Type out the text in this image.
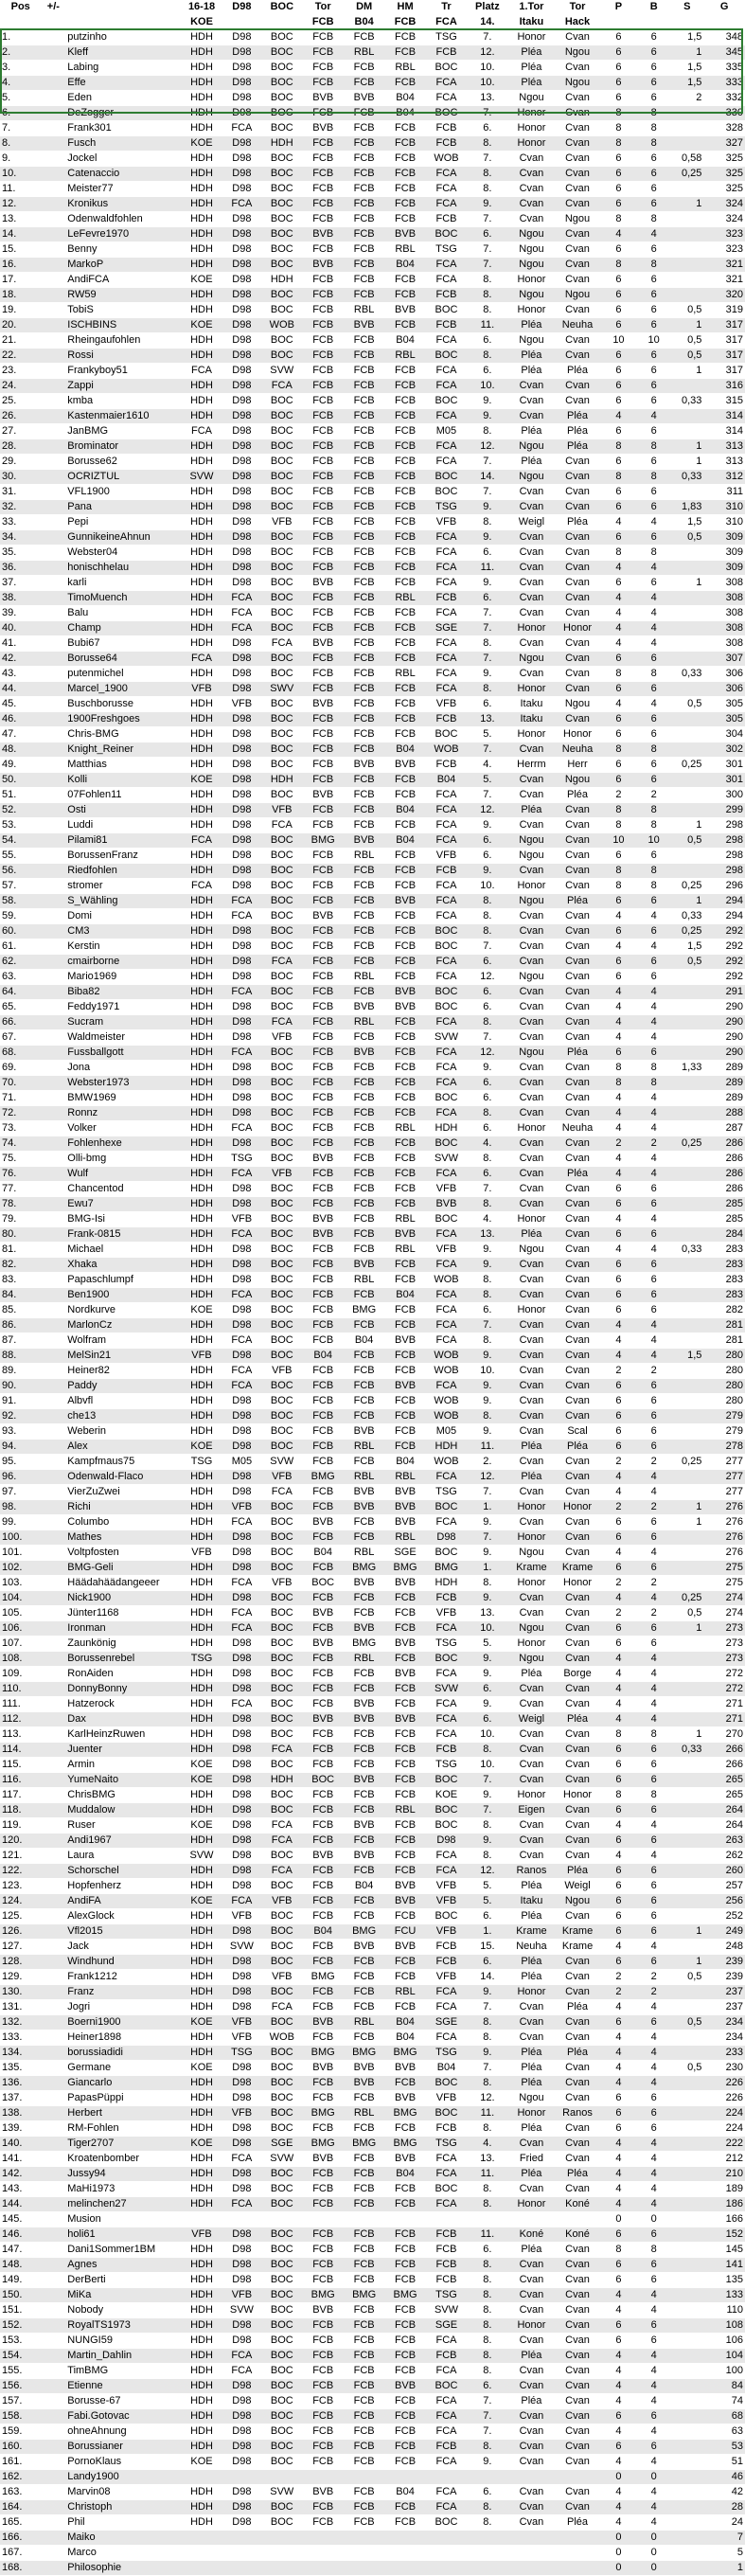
Pos	+/-		16-18	D98	BOC	Tor	DM	HM	Tr	Platz	1.Tor	Tor	P	B	S	G
			KOE			FCB	B04	FCB	FCA	14.	Itaku	Hack				
1.		putzinho	HDH	D98	BOC	FCB	FCB	FCB	TSG	7.	Honor	Cvan	6	6	1,5	348
2.		Kleff	HDH	D98	BOC	FCB	RBL	FCB	FCB	12.	Pléa	Ngou	6	6	1	345
3.		Labing	HDH	D98	BOC	FCB	FCB	RBL	BOC	10.	Pléa	Cvan	6	6	1,5	335
4.		Effe	HDH	D98	BOC	FCB	FCB	FCB	FCA	10.	Pléa	Ngou	6	6	1,5	333
5.		Eden	HDH	D98	BOC	BVB	BVB	B04	FCA	13.	Ngou	Cvan	6	6	2	332
6.		DeZogger	HDH	D98	BOC	FCB	FCB	B04	BOC	7.	Honor	Cvan	8	8		330
7.		Frank301	HDH	FCA	BOC	BVB	FCB	FCB	FCB	6.	Honor	Cvan	8	8		328
8.		Fusch	KOE	D98	HDH	FCB	FCB	FCB	FCB	8.	Honor	Cvan	8	8		327
9.		Jockel	HDH	D98	BOC	FCB	FCB	FCB	WOB	7.	Cvan	Cvan	6	6	0,58	325
10.		Catenaccio	HDH	D98	BOC	FCB	FCB	FCB	FCA	8.	Cvan	Cvan	6	6	0,25	325
11.		Meister77	HDH	D98	BOC	FCB	FCB	FCB	FCA	8.	Cvan	Cvan	6	6		325
12.		Kronikus	HDH	FCA	BOC	FCB	FCB	FCB	FCA	9.	Cvan	Cvan	6	6	1	324
13.		Odenwaldfohlen	HDH	D98	BOC	FCB	FCB	FCB	FCB	7.	Cvan	Ngou	8	8		324
14.		LeFevre1970	HDH	D98	BOC	BVB	FCB	BVB	BOC	6.	Ngou	Cvan	4	4		323
15.		Benny	HDH	D98	BOC	FCB	FCB	RBL	TSG	7.	Ngou	Cvan	6	6		323
16.		MarkoP	HDH	D98	BOC	BVB	FCB	B04	FCA	7.	Ngou	Cvan	8	8		321
17.		AndiFCA	KOE	D98	HDH	FCB	FCB	FCB	FCA	8.	Honor	Cvan	6	6		321
18.		RW59	HDH	D98	BOC	FCB	FCB	FCB	FCB	8.	Ngou	Ngou	6	6		320
19.		TobiS	HDH	D98	BOC	FCB	RBL	BVB	BOC	8.	Honor	Cvan	6	6	0,5	319
20.		ISCHBINS	KOE	D98	WOB	FCB	BVB	FCB	FCB	11.	Pléa	Neuha	6	6	1	317
21.		Rheingaufohlen	HDH	D98	BOC	FCB	FCB	B04	FCA	6.	Ngou	Cvan	10	10	0,5	317
22.		Rossi	HDH	D98	BOC	FCB	FCB	RBL	BOC	8.	Pléa	Cvan	6	6	0,5	317
23.		Frankyboy51	FCA	D98	SVW	FCB	FCB	FCB	FCA	6.	Pléa	Pléa	6	6	1	317
24.		Zappi	HDH	D98	FCA	FCB	FCB	FCB	FCA	10.	Cvan	Cvan	6	6		316
25.		kmba	HDH	D98	BOC	FCB	FCB	FCB	BOC	9.	Cvan	Cvan	6	6	0,33	315
26.		Kastenmaier1610	HDH	D98	BOC	FCB	FCB	FCB	FCA	9.	Cvan	Pléa	4	4		314
27.		JanBMG	FCA	D98	BOC	FCB	FCB	FCB	M05	8.	Pléa	Pléa	6	6		314
28.		Brominator	HDH	D98	BOC	FCB	FCB	FCB	FCA	12.	Ngou	Pléa	8	8	1	313
29.		Borusse62	HDH	D98	BOC	FCB	FCB	FCB	FCA	7.	Pléa	Cvan	6	6	1	313
30.		OCRIZTUL	SVW	D98	BOC	FCB	FCB	FCB	BOC	14.	Ngou	Cvan	8	8	0,33	312
31.		VFL1900	HDH	D98	BOC	FCB	FCB	FCB	BOC	7.	Cvan	Cvan	6	6		311
32.		Pana	HDH	D98	BOC	FCB	FCB	FCB	TSG	9.	Cvan	Cvan	6	6	1,83	310
33.		Pepi	HDH	D98	VFB	FCB	FCB	FCB	VFB	8.	Weigl	Pléa	4	4	1,5	310
34.		GunnikeineAhnun	HDH	D98	BOC	FCB	FCB	FCB	FCA	9.	Cvan	Cvan	6	6	0,5	309
35.		Webster04	HDH	D98	BOC	FCB	FCB	FCB	FCA	6.	Cvan	Cvan	8	8		309
36.		honischhelau	HDH	D98	BOC	FCB	FCB	FCB	FCA	11.	Cvan	Cvan	4	4		309
37.		karli	HDH	D98	BOC	BVB	FCB	FCB	FCA	9.	Cvan	Cvan	6	6	1	308
38.		TimoMuench	HDH	FCA	BOC	FCB	FCB	RBL	FCB	6.	Cvan	Cvan	4	4		308
39.		Balu	HDH	FCA	BOC	FCB	FCB	FCB	FCA	7.	Cvan	Cvan	4	4		308
40.		Champ	HDH	FCA	BOC	FCB	FCB	FCB	SGE	7.	Honor	Honor	4	4		308
41.		Bubi67	HDH	D98	FCA	BVB	FCB	FCB	FCA	8.	Cvan	Cvan	4	4		308
42.		Borusse64	FCA	D98	BOC	FCB	FCB	FCB	FCA	7.	Ngou	Cvan	6	6		307
43.		putenmichel	HDH	D98	BOC	FCB	FCB	RBL	FCA	9.	Cvan	Cvan	8	8	0,33	306
44.		Marcel_1900	VFB	D98	SWV	FCB	FCB	FCB	FCA	8.	Honor	Cvan	6	6		306
45.		Buschborusse	HDH	VFB	BOC	BVB	FCB	FCB	VFB	6.	Itaku	Ngou	4	4	0,5	305
46.		1900Freshgoes	HDH	D98	BOC	FCB	FCB	FCB	FCB	13.	Itaku	Cvan	6	6		305
47.		Chris-BMG	HDH	D98	BOC	FCB	FCB	FCB	BOC	5.	Honor	Honor	6	6		304
48.		Knight_Reiner	HDH	D98	BOC	FCB	FCB	B04	WOB	7.	Cvan	Neuha	8	8		302
49.		Matthias	HDH	D98	BOC	FCB	BVB	BVB	FCB	4.	Herrm	Herr	6	6	0,25	301
50.		Kolli	KOE	D98	HDH	FCB	FCB	FCB	B04	5.	Cvan	Ngou	6	6		301
51.		07Fohlen11	HDH	D98	BOC	BVB	FCB	FCB	FCA	7.	Cvan	Pléa	2	2		300
52.		Osti	HDH	D98	VFB	FCB	FCB	B04	FCA	12.	Pléa	Cvan	8	8		299
53.		Luddi	HDH	D98	FCA	FCB	FCB	FCB	FCA	9.	Cvan	Cvan	8	8	1	298
54.		Pilami81	FCA	D98	BOC	BMG	BVB	B04	FCA	6.	Ngou	Cvan	10	10	0,5	298
55.		BorussenFranz	HDH	D98	BOC	FCB	RBL	FCB	VFB	6.	Ngou	Cvan	6	6		298
56.		Riedfohlen	HDH	D98	BOC	FCB	FCB	FCB	FCB	9.	Cvan	Cvan	8	8		298
57.		stromer	FCA	D98	BOC	FCB	FCB	FCB	FCA	10.	Honor	Cvan	8	8	0,25	296
58.		S_Wähling	HDH	FCA	BOC	FCB	FCB	BVB	FCA	8.	Ngou	Pléa	6	6	1	294
59.		Domi	HDH	FCA	BOC	BVB	FCB	FCB	FCA	8.	Cvan	Cvan	4	4	0,33	294
60.		CM3	HDH	D98	BOC	FCB	FCB	FCB	BOC	8.	Cvan	Cvan	6	6	0,25	292
61.		Kerstin	HDH	D98	BOC	FCB	FCB	FCB	BOC	7.	Cvan	Cvan	4	4	1,5	292
62.		cmairborne	HDH	D98	FCA	FCB	FCB	FCB	FCA	6.	Cvan	Cvan	6	6	0,5	292
63.		Mario1969	HDH	D98	BOC	FCB	RBL	FCB	FCA	12.	Ngou	Cvan	6	6		292
64.		Biba82	HDH	FCA	BOC	FCB	FCB	BVB	BOC	6.	Cvan	Cvan	4	4		291
65.		Feddy1971	HDH	D98	BOC	FCB	BVB	BVB	BOC	6.	Cvan	Cvan	4	4		290
66.		Sucram	HDH	D98	FCA	FCB	RBL	FCB	FCA	8.	Cvan	Cvan	4	4		290
67.		Waldmeister	HDH	D98	VFB	FCB	FCB	FCB	SVW	7.	Cvan	Cvan	4	4		290
68.		Fussballgott	HDH	FCA	BOC	FCB	BVB	FCB	FCA	12.	Ngou	Pléa	6	6		290
69.		Jona	HDH	D98	BOC	FCB	FCB	FCB	FCA	9.	Cvan	Cvan	8	8	1,33	289
70.		Webster1973	HDH	D98	BOC	FCB	FCB	FCB	FCA	6.	Cvan	Cvan	8	8		289
71.		BMW1969	HDH	D98	BOC	FCB	FCB	FCB	BOC	6.	Cvan	Cvan	4	4		289
72.		Ronnz	HDH	D98	BOC	FCB	FCB	FCB	FCA	8.	Cvan	Cvan	4	4		288
73.		Volker	HDH	FCA	BOC	FCB	FCB	RBL	HDH	6.	Honor	Neuha	4	4		287
74.		Fohlenhexe	HDH	D98	BOC	FCB	FCB	FCB	BOC	4.	Cvan	Cvan	2	2	0,25	286
75.		Olli-bmg	HDH	TSG	BOC	BVB	FCB	FCB	SVW	8.	Cvan	Cvan	4	4		286
76.		Wulf	HDH	FCA	VFB	FCB	FCB	FCB	FCA	6.	Cvan	Pléa	4	4		286
77.		Chancentod	HDH	D98	BOC	FCB	FCB	FCB	VFB	7.	Cvan	Cvan	6	6		286
78.		Ewu7	HDH	D98	BOC	FCB	FCB	FCB	BVB	8.	Cvan	Cvan	6	6		285
79.		BMG-Isi	HDH	VFB	BOC	BVB	FCB	RBL	BOC	4.	Honor	Cvan	4	4		285
80.		Frank-0815	HDH	FCA	BOC	BVB	FCB	BVB	FCA	13.	Pléa	Cvan	6	6		284
81.		Michael	HDH	D98	BOC	FCB	FCB	RBL	VFB	9.	Ngou	Cvan	4	4	0,33	283
82.		Xhaka	HDH	D98	BOC	FCB	BVB	FCB	FCA	9.	Cvan	Cvan	6	6		283
83.		Papaschlumpf	HDH	D98	BOC	FCB	RBL	FCB	WOB	8.	Cvan	Cvan	6	6		283
84.		Ben1900	HDH	FCA	BOC	FCB	FCB	B04	FCA	8.	Cvan	Cvan	6	6		283
85.		Nordkurve	KOE	D98	BOC	FCB	BMG	FCB	FCA	6.	Honor	Cvan	6	6		282
86.		MarlonCz	HDH	D98	BOC	FCB	FCB	FCB	FCA	7.	Cvan	Cvan	4	4		281
87.		Wolfram	HDH	FCA	BOC	FCB	B04	BVB	FCA	8.	Cvan	Cvan	4	4		281
88.		MelSin21	VFB	D98	BOC	B04	FCB	FCB	WOB	9.	Cvan	Cvan	4	4	1,5	280
89.		Heiner82	HDH	FCA	VFB	FCB	FCB	FCB	WOB	10.	Cvan	Cvan	2	2		280
90.		Paddy	HDH	FCA	BOC	FCB	FCB	BVB	FCA	9.	Cvan	Cvan	6	6		280
91.		Albvfl	HDH	D98	BOC	FCB	FCB	FCB	WOB	9.	Cvan	Cvan	6	6		280
92.		che13	HDH	D98	BOC	FCB	FCB	FCB	WOB	8.	Cvan	Cvan	6	6		279
93.		Weberin	HDH	D98	BOC	FCB	BVB	FCB	M05	9.	Cvan	Scal	6	6		279
94.		Alex	KOE	D98	BOC	FCB	RBL	FCB	HDH	11.	Pléa	Pléa	6	6		278
95.		Kampfmaus75	TSG	M05	SVW	FCB	FCB	B04	WOB	2.	Cvan	Cvan	2	2	0,25	277
96.		Odenwald-Flaco	HDH	D98	VFB	BMG	RBL	RBL	FCA	12.	Pléa	Cvan	4	4		277
97.		VierZuZwei	HDH	D98	FCA	FCB	BVB	BVB	TSG	7.	Cvan	Cvan	4	4		277
98.		Richi	HDH	VFB	BOC	FCB	BVB	BVB	BOC	1.	Honor	Honor	2	2	1	276
99.		Columbo	HDH	FCA	BOC	BVB	FCB	BVB	FCA	9.	Cvan	Cvan	6	6	1	276
100.		Mathes	HDH	D98	BOC	FCB	FCB	RBL	D98	7.	Honor	Cvan	6	6		276
101.		Voltpfosten	VFB	D98	BOC	B04	RBL	SGE	BOC	9.	Ngou	Cvan	4	4		276
102.		BMG-Geli	HDH	D98	BOC	FCB	BMG	BMG	BMG	1.	Krame	Krame	6	6		275
103.		Häädahäädangeeer	HDH	FCA	VFB	BOC	BVB	BVB	HDH	8.	Honor	Honor	2	2		275
104.		Nick1900	HDH	D98	BOC	FCB	FCB	FCB	FCB	9.	Cvan	Cvan	4	4	0,25	274
105.		Jünter1168	HDH	FCA	BOC	BVB	FCB	FCB	VFB	13.	Cvan	Cvan	2	2	0,5	274
106.		Ironman	HDH	FCA	BOC	FCB	BVB	FCB	FCA	10.	Ngou	Cvan	6	6	1	273
107.		Zaunkönig	HDH	D98	BOC	BVB	BMG	BVB	TSG	5.	Honor	Cvan	6	6		273
108.		Borussenrebel	TSG	D98	BOC	FCB	RBL	FCB	BOC	9.	Ngou	Cvan	4	4		273
109.		RonAiden	HDH	D98	BOC	FCB	FCB	BVB	FCA	9.	Pléa	Borge	4	4		272
110.		DonnyBonny	HDH	D98	BOC	FCB	FCB	FCB	SVW	6.	Cvan	Cvan	4	4		272
111.		Hatzerock	HDH	FCA	BOC	FCB	BVB	FCB	FCA	9.	Cvan	Cvan	4	4		271
112.		Dax	HDH	D98	BOC	BVB	BVB	BVB	FCA	6.	Weigl	Pléa	4	4		271
113.		KarlHeinzRuwen	HDH	D98	BOC	FCB	FCB	FCB	FCA	10.	Cvan	Cvan	8	8	1	270
114.		Juenter	HDH	D98	FCA	FCB	FCB	FCB	FCB	8.	Cvan	Cvan	6	6	0,33	266
115.		Armin	KOE	D98	BOC	FCB	FCB	FCB	TSG	10.	Cvan	Cvan	6	6		266
116.		YumeNaito	KOE	D98	HDH	BOC	BVB	FCB	BOC	7.	Cvan	Cvan	6	6		265
117.		ChrisBMG	HDH	D98	BOC	FCB	FCB	FCB	KOE	9.	Honor	Honor	8	8		265
118.		Muddalow	HDH	D98	BOC	FCB	FCB	RBL	BOC	7.	Eigen	Cvan	6	6		264
119.		Ruser	KOE	D98	FCA	FCB	BVB	FCB	BOC	8.	Cvan	Cvan	4	4		264
120.		Andi1967	HDH	D98	FCA	FCB	FCB	FCB	D98	9.	Cvan	Cvan	6	6		263
121.		Laura	SVW	D98	BOC	BVB	BVB	FCB	FCA	8.	Cvan	Cvan	4	4		262
122.		Schorschel	HDH	D98	FCA	FCB	FCB	FCB	FCA	12.	Ranos	Pléa	6	6		260
123.		Hopfenherz	HDH	D98	BOC	FCB	B04	BVB	VFB	5.	Pléa	Weigl	6	6		257
124.		AndiFA	KOE	FCA	VFB	FCB	FCB	BVB	VFB	5.	Itaku	Ngou	6	6		256
125.		AlexGlock	HDH	VFB	BOC	FCB	FCB	FCB	BOC	6.	Pléa	Cvan	6	6		252
126.		Vfl2015	HDH	D98	BOC	B04	BMG	FCU	VFB	1.	Krame	Krame	6	6	1	249
127.		Jack	HDH	SVW	BOC	FCB	BVB	BVB	FCB	15.	Neuha	Krame	4	4		248
128.		Windhund	HDH	D98	BOC	FCB	FCB	FCB	FCB	6.	Pléa	Cvan	6	6	1	239
129.		Frank1212	HDH	D98	VFB	BMG	FCB	FCB	VFB	14.	Pléa	Cvan	2	2	0,5	239
130.		Franz	HDH	D98	BOC	FCB	FCB	RBL	FCA	9.	Honor	Cvan	2	2		237
131.		Jogri	HDH	D98	FCA	FCB	FCB	FCB	FCA	7.	Cvan	Pléa	4	4		237
132.		Boerni1900	KOE	VFB	BOC	BVB	RBL	B04	SGE	8.	Cvan	Cvan	6	6	0,5	234
133.		Heiner1898	HDH	VFB	WOB	FCB	FCB	B04	FCA	8.	Cvan	Cvan	4	4		234
134.		borussiadidi	HDH	TSG	BOC	BMG	BMG	BMG	TSG	9.	Pléa	Pléa	4	4		233
135.		Germane	KOE	D98	BOC	BVB	BVB	BVB	B04	7.	Pléa	Cvan	4	4	0,5	230
136.		Giancarlo	HDH	D98	BOC	FCB	BVB	FCB	BOC	8.	Pléa	Cvan	4	4		226
137.		PapasPüppi	HDH	D98	BOC	FCB	FCB	BVB	VFB	12.	Ngou	Cvan	6	6		226
138.		Herbert	HDH	VFB	BOC	BMG	RBL	BMG	BOC	11.	Honor	Ranos	6	6		224
139.		RM-Fohlen	HDH	D98	BOC	FCB	FCB	FCB	FCB	8.	Pléa	Cvan	6	6		224
140.		Tiger2707	KOE	D98	SGE	BMG	BMG	BMG	TSG	4.	Cvan	Cvan	4	4		222
141.		Kroatenbomber	HDH	FCA	SVW	BVB	FCB	BVB	FCA	13.	Fried	Cvan	4	4		212
142.		Jussy94	HDH	D98	BOC	FCB	FCB	B04	FCA	11.	Pléa	Pléa	4	4		210
143.		MaHi1973	HDH	D98	BOC	FCB	FCB	FCB	BOC	8.	Cvan	Cvan	4	4		189
144.		melinchen27	HDH	FCA	BOC	FCB	FCB	FCB	FCA	8.	Honor	Koné	4	4		186
145.		Musion											0	0		166
146.		holi61	VFB	D98	BOC	FCB	FCB	FCB	FCB	11.	Koné	Koné	6	6		152
147.		Dani1Sommer1BM	HDH	D98	BOC	FCB	FCB	FCB	FCB	6.	Pléa	Cvan	8	8		145
148.		Agnes	HDH	D98	BOC	FCB	FCB	FCB	FCB	8.	Cvan	Cvan	6	6		141
149.		DerBerti	HDH	D98	BOC	FCB	FCB	FCB	FCB	8.	Cvan	Cvan	6	6		135
150.		MiKa	HDH	VFB	BOC	BMG	BMG	BMG	TSG	8.	Cvan	Cvan	4	4		133
151.		Nobody	HDH	SVW	BOC	BVB	FCB	FCB	SVW	8.	Cvan	Cvan	4	4		110
152.		RoyalTS1973	HDH	D98	BOC	FCB	FCB	FCB	SGE	8.	Honor	Cvan	6	6		108
153.		NUNGI59	HDH	D98	BOC	FCB	FCB	FCB	FCA	8.	Cvan	Cvan	6	6		106
154.		Martin_Dahlin	HDH	FCA	BOC	FCB	FCB	FCB	FCB	8.	Pléa	Cvan	4	4		104
155.		TimBMG	HDH	FCA	BOC	FCB	FCB	FCB	FCA	8.	Cvan	Cvan	4	4		100
156.		Etienne	HDH	D98	BOC	FCB	FCB	BVB	BOC	6.	Cvan	Cvan	4	4		84
157.		Borusse-67	HDH	D98	BOC	FCB	FCB	FCB	FCA	7.	Pléa	Cvan	4	4		74
158.		Fabi.Gotovac	HDH	D98	BOC	FCB	FCB	FCB	FCA	7.	Cvan	Cvan	6	6		68
159.		ohneAhnung	HDH	D98	BOC	FCB	FCB	FCB	FCA	7.	Cvan	Cvan	4	4		63
160.		Borussianer	HDH	D98	BOC	FCB	FCB	FCB	FCB	8.	Cvan	Cvan	6	6		53
161.		PornoKlaus	KOE	D98	BOC	FCB	FCB	FCB	FCA	9.	Cvan	Cvan	4	4		51
162.		Landy1900											0	0		46
163.		Marvin08	HDH	D98	SVW	BVB	FCB	B04	FCA	6.	Cvan	Cvan	4	4		42
164.		Christoph	HDH	D98	BOC	FCB	FCB	FCB	FCA	8.	Cvan	Cvan	4	4		28
165.		Phil	HDH	D98	BOC	FCB	FCB	FCB	BOC	8.	Cvan	Pléa	4	4		24
166.		Maiko											0	0		7
167.		Marco											0	0		5
168.		Philosophie											0	0		1
